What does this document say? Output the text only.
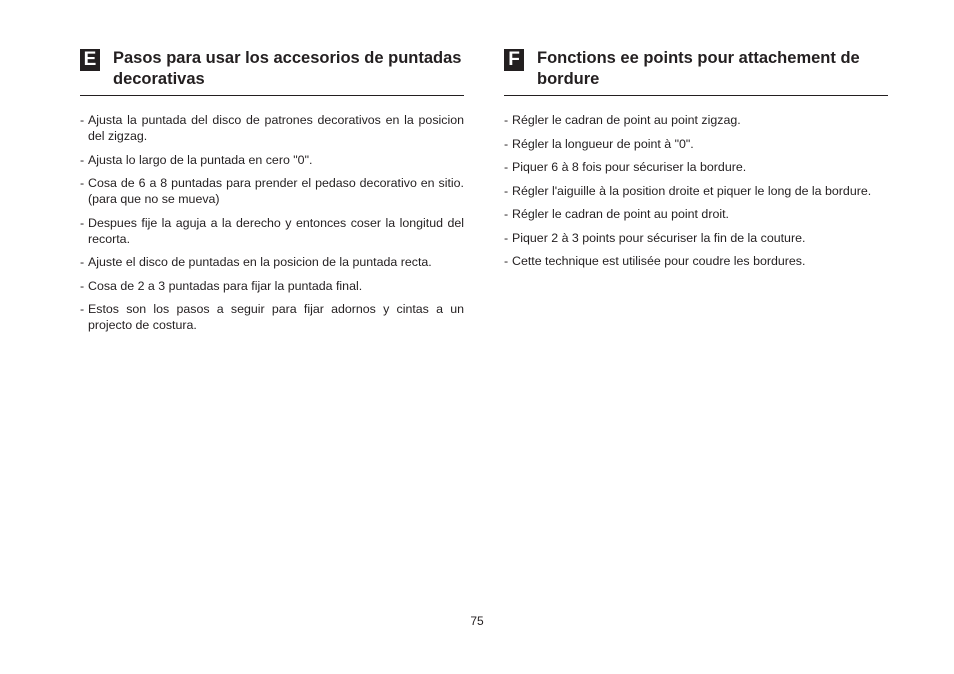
E Pasos para usar los accesorios de puntadas decorativas
- Ajusta la puntada del disco de patrones decorativos en la posicion del zigzag.
- Ajusta lo largo de la puntada en cero "0".
- Cosa de 6 a 8 puntadas para prender el pedaso decorativo en sitio.(para que no se mueva)
- Despues fije la aguja a la derecho y entonces coser la longitud del recorta.
- Ajuste el disco de puntadas en la posicion de la puntada recta.
- Cosa de 2 a 3 puntadas para fijar la puntada final.
- Estos son los pasos a seguir para fijar adornos y cintas a un projecto de costura.
F Fonctions ee points pour attachement de bordure
- Régler le cadran de point au point zigzag.
- Régler la longueur de point à "0".
- Piquer 6 à 8 fois pour sécuriser la bordure.
- Régler l'aiguille à la position droite et piquer le long de la bordure.
- Régler le cadran de point au point droit.
- Piquer 2 à 3 points pour sécuriser la fin de la couture.
- Cette technique est utilisée pour coudre les bordures.
75
